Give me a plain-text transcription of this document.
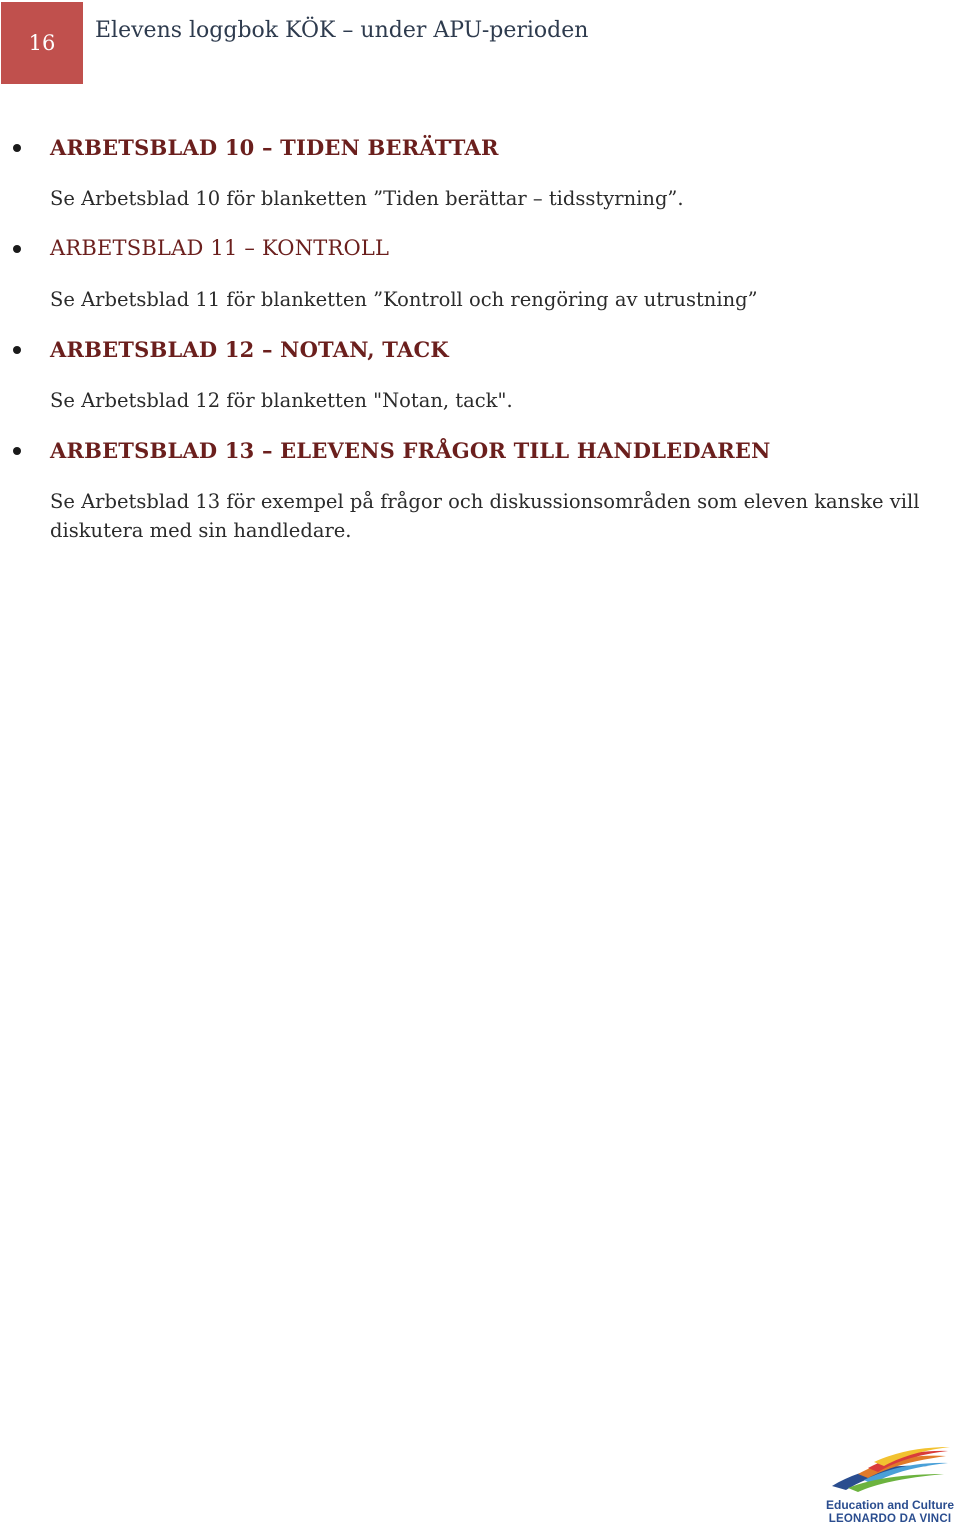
16 Elevens loggbok KÖK – under APU-perioden
ARBETSBLAD 10 – TIDEN BERÄTTAR
Se Arbetsblad 10 för blanketten ”Tiden berättar – tidsstyrning”.
ARBETSBLAD 11 – KONTROLL
Se Arbetsblad 11 för blanketten ”Kontroll och rengöring av utrustning”
ARBETSBLAD 12 – NOTAN, TACK
Se Arbetsblad 12 för blanketten "Notan, tack".
ARBETSBLAD 13 – ELEVENS FRÅGOR TILL HANDLEDAREN
Se Arbetsblad 13 för exempel på frågor och diskussionsområden som eleven kanske vill diskutera med sin handledare.
Education and Culture
LEONARDO DA VINCI
